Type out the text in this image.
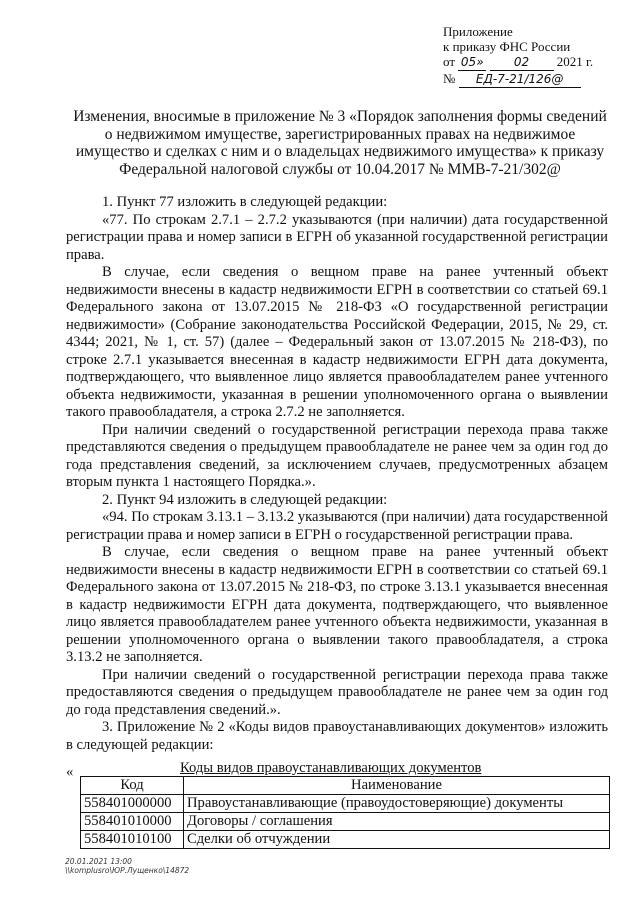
Приложение
к приказу ФНС России
от 05»	02 2021 г.
№ ЕД-7-21/126@
Изменения, вносимые в приложение № 3 «Порядок заполнения формы сведений о недвижимом имуществе, зарегистрированных правах на недвижимое имущество и сделках с ним и о владельцах недвижимого имущества» к приказу Федеральной налоговой службы от 10.04.2017 № ММВ-7-21/302@

1. Пункт 77 изложить в следующей редакции:

«77. По строкам 2.7.1 – 2.7.2 указываются (при наличии) дата государственной регистрации права и номер записи в ЕГРН об указанной государственной регистрации права.

В случае, если сведения о вещном праве на ранее учтенный объект недвижимости внесены в кадастр недвижимости ЕГРН в соответствии со статьей 69.1 Федерального закона от 13.07.2015 № 218-ФЗ «О государственной регистрации недвижимости» (Собрание законодательства Российской Федерации, 2015, № 29, ст. 4344; 2021, № 1, ст. 57) (далее – Федеральный закон от 13.07.2015 № 218-ФЗ), по строке 2.7.1 указывается внесенная в кадастр недвижимости ЕГРН дата документа, подтверждающего, что выявленное лицо является правообладателем ранее учтенного объекта недвижимости, указанная в решении уполномоченного органа о выявлении такого правообладателя, а строка 2.7.2 не заполняется.

При наличии сведений о государственной регистрации перехода права также представляются сведения о предыдущем правообладателе не ранее чем за один год до года представления сведений, за исключением случаев, предусмотренных абзацем вторым пункта 1 настоящего Порядка.».

2. Пункт 94 изложить в следующей редакции:

«94. По строкам 3.13.1 – 3.13.2 указываются (при наличии) дата государственной регистрации права и номер записи в ЕГРН о государственной регистрации права.

В случае, если сведения о вещном праве на ранее учтенный объект недвижимости внесены в кадастр недвижимости ЕГРН в соответствии со статьей 69.1 Федерального закона от 13.07.2015 № 218-ФЗ, по строке 3.13.1 указывается внесенная в кадастр недвижимости ЕГРН дата документа, подтверждающего, что выявленное лицо является правообладателем ранее учтенного объекта недвижимости, указанная в решении уполномоченного органа о выявлении такого правообладателя, а строка 3.13.2 не заполняется.

При наличии сведений о государственной регистрации перехода права также предоставляются сведения о предыдущем правообладателе не ранее чем за один год до года представления сведений.».

3. Приложение № 2 «Коды видов правоустанавливающих документов» изложить в следующей редакции:

«	Коды видов правоустанавливающих документов
Код	Наименование
558401000000	Правоустанавливающие (правоудостоверяющие) документы
558401010000	Договоры / соглашения
558401010100	Сделки об отчуждении
20.01.2021 13:00
\\komplusro\ЮР.Лущенко\14872
